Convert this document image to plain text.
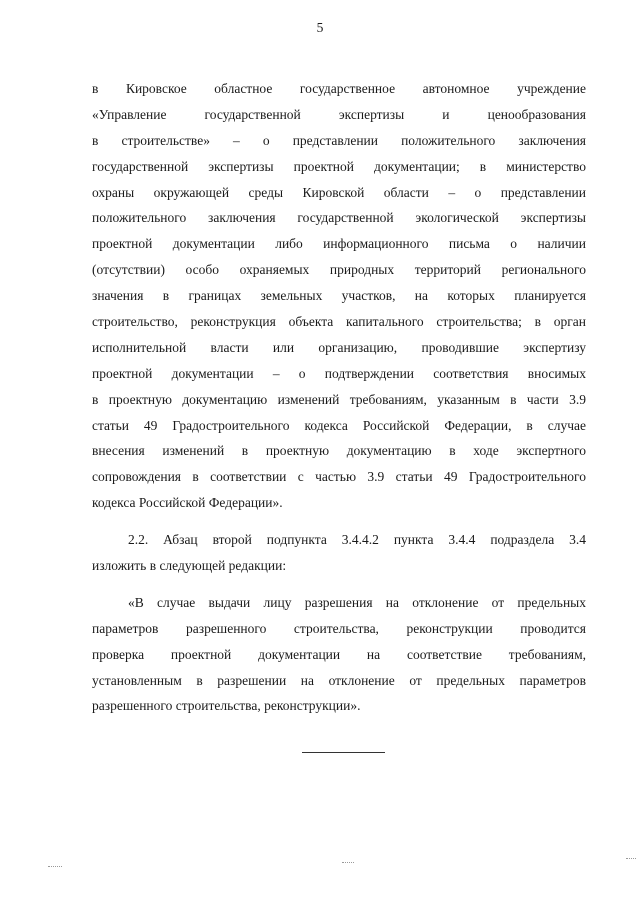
5
в Кировское областное государственное автономное учреждение
«Управление государственной экспертизы и ценообразования
в строительстве» – о представлении положительного заключения
государственной экспертизы проектной документации; в министерство
охраны окружающей среды Кировской области – о представлении
положительного заключения государственной экологической экспертизы
проектной документации либо информационного письма о наличии
(отсутствии) особо охраняемых природных территорий регионального
значения в границах земельных участков, на которых планируется
строительство, реконструкция объекта капитального строительства; в орган
исполнительной власти или организацию, проводившие экспертизу
проектной документации – о подтверждении соответствия вносимых
в проектную документацию изменений требованиям, указанным в части 3.9
статьи 49 Градостроительного кодекса Российской Федерации, в случае
внесения изменений в проектную документацию в ходе экспертного
сопровождения в соответствии с частью 3.9 статьи 49 Градостроительного
кодекса Российской Федерации».
2.2. Абзац второй подпункта 3.4.4.2 пункта 3.4.4 подраздела 3.4
изложить в следующей редакции:
«В случае выдачи лицу разрешения на отклонение от предельных
параметров разрешенного строительства, реконструкции проводится
проверка проектной документации на соответствие требованиям,
установленным в разрешении на отклонение от предельных параметров
разрешенного строительства, реконструкции».
